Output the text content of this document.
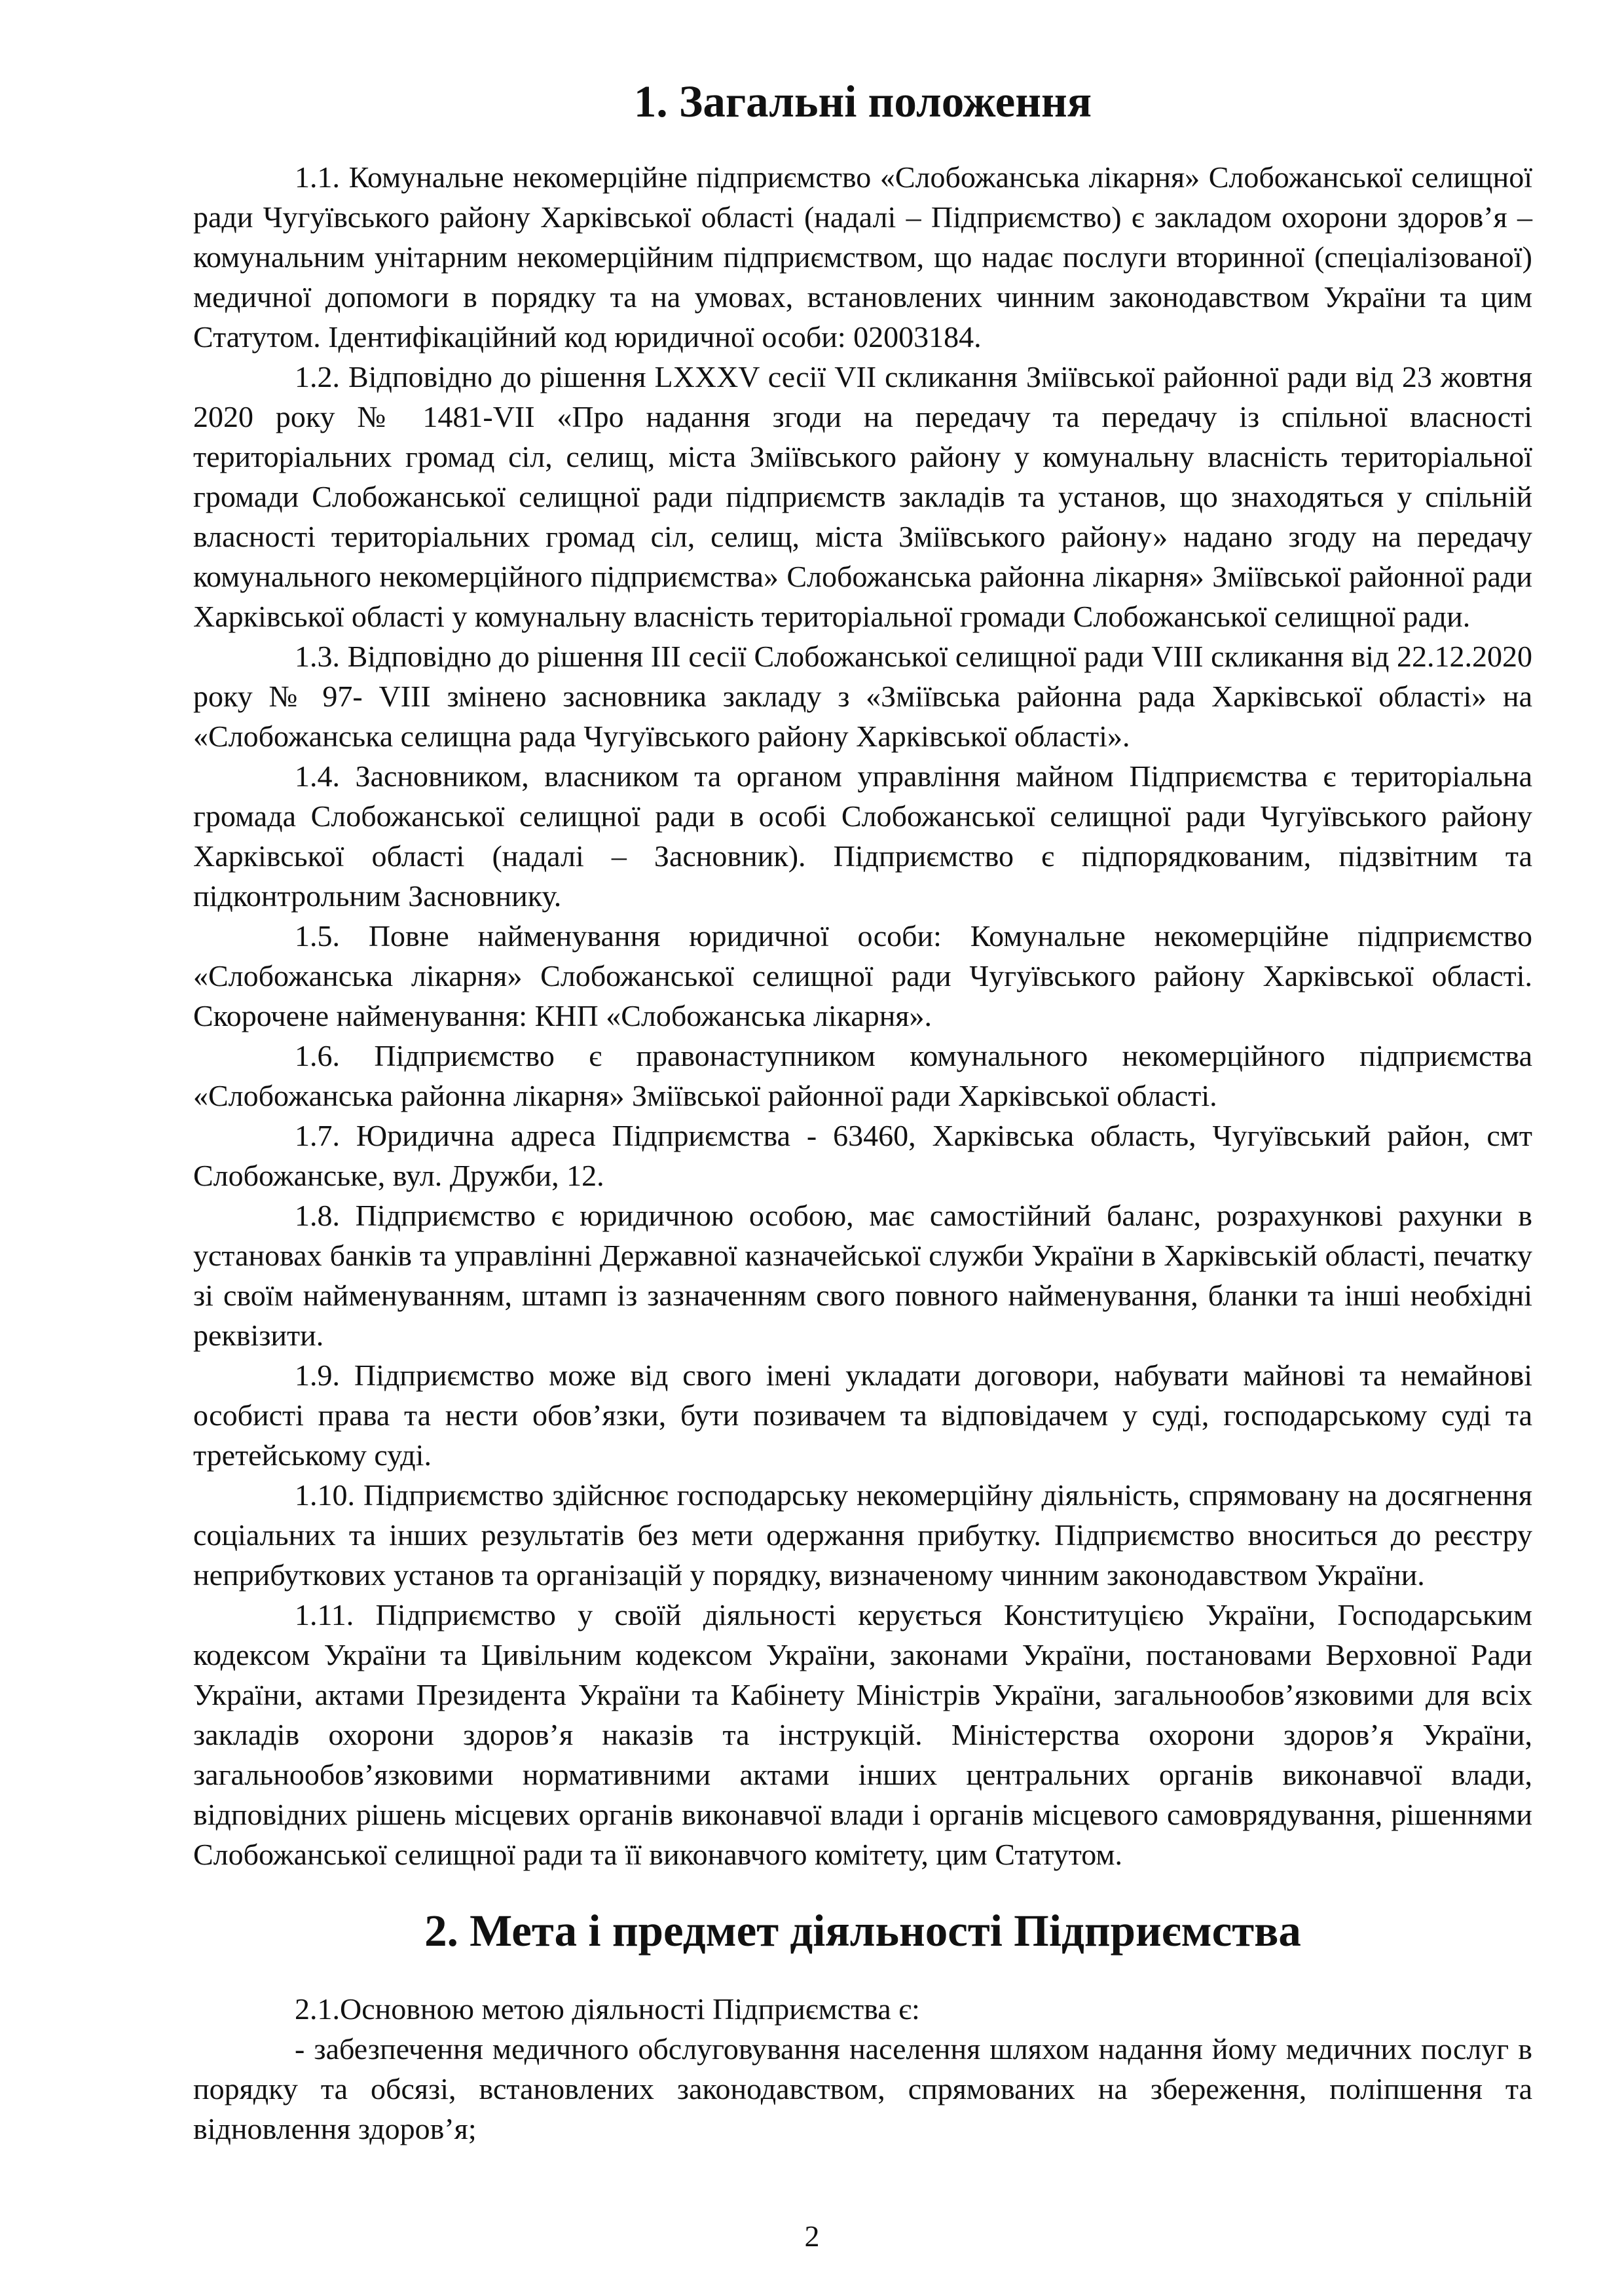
1. Загальні положення

1.1. Комунальне некомерційне підприємство «Слобожанська лікарня» Слобожанської селищної ради Чугуївського району Харківської області (надалі – Підприємство) є закладом охорони здоров’я – комунальним унітарним некомерційним підприємством, що надає послуги вторинної (спеціалізованої) медичної допомоги в порядку та на умовах, встановлених чинним законодавством України та цим Статутом. Ідентифікаційний код юридичної особи: 02003184.

1.2. Відповідно до рішення LXXXV сесії VII скликання Зміївської районної ради від 23 жовтня 2020 року № 1481-VII «Про надання згоди на передачу та передачу із спільної власності територіальних громад сіл, селищ, міста Зміївського району у комунальну власність територіальної громади Слобожанської селищної ради підприємств закладів та установ, що знаходяться у спільній власності територіальних громад сіл, селищ, міста Зміївського району» надано згоду на передачу комунального некомерційного підприємства» Слобожанська районна лікарня» Зміївської районної ради Харківської області у комунальну власність територіальної громади Слобожанської селищної ради.

1.3. Відповідно до рішення III сесії Слобожанської селищної ради VIII скликання від 22.12.2020 року № 97- VIII змінено засновника закладу з «Зміївська районна рада Харківської області» на «Слобожанська селищна рада Чугуївського району Харківської області».

1.4. Засновником, власником та органом управління майном Підприємства є територіальна громада Слобожанської селищної ради в особі Слобожанської селищної ради Чугуївського району Харківської області (надалі – Засновник). Підприємство є підпорядкованим, підзвітним та підконтрольним Засновнику.

1.5. Повне найменування юридичної особи: Комунальне некомерційне підприємство «Слобожанська лікарня» Слобожанської селищної ради Чугуївського району Харківської області. Скорочене найменування: КНП «Слобожанська лікарня».

1.6. Підприємство є правонаступником комунального некомерційного підприємства «Слобожанська районна лікарня» Зміївської районної ради Харківської області.

1.7. Юридична адреса Підприємства - 63460, Харківська область, Чугуївський район, смт Слобожанське, вул. Дружби, 12.

1.8. Підприємство є юридичною особою, має самостійний баланс, розрахункові рахунки в установах банків та управлінні Державної казначейської служби України в Харківській області, печатку зі своїм найменуванням, штамп із зазначенням свого повного найменування, бланки та інші необхідні реквізити.

1.9. Підприємство може від свого імені укладати договори, набувати майнові та немайнові особисті права та нести обов’язки, бути позивачем та відповідачем у суді, господарському суді та третейському суді.

1.10. Підприємство здійснює господарську некомерційну діяльність, спрямовану на досягнення соціальних та інших результатів без мети одержання прибутку. Підприємство вноситься до реєстру неприбуткових установ та організацій у порядку, визначеному чинним законодавством України.

1.11. Підприємство у своїй діяльності керується Конституцією України, Господарським кодексом України та Цивільним кодексом України, законами України, постановами Верховної Ради України, актами Президента України та Кабінету Міністрів України, загальнообов’язковими для всіх закладів охорони здоров’я наказів та інструкцій. Міністерства охорони здоров’я України, загальнообов’язковими нормативними актами інших центральних органів виконавчої влади, відповідних рішень місцевих органів виконавчої влади і органів місцевого самоврядування, рішеннями Слобожанської селищної ради та її виконавчого комітету, цим Статутом.

2. Мета і предмет діяльності Підприємства

2.1.Основною метою діяльності Підприємства є:

- забезпечення медичного обслуговування населення шляхом надання йому медичних послуг в порядку та обсязі, встановлених законодавством, спрямованих на збереження, поліпшення та відновлення здоров’я;

2
